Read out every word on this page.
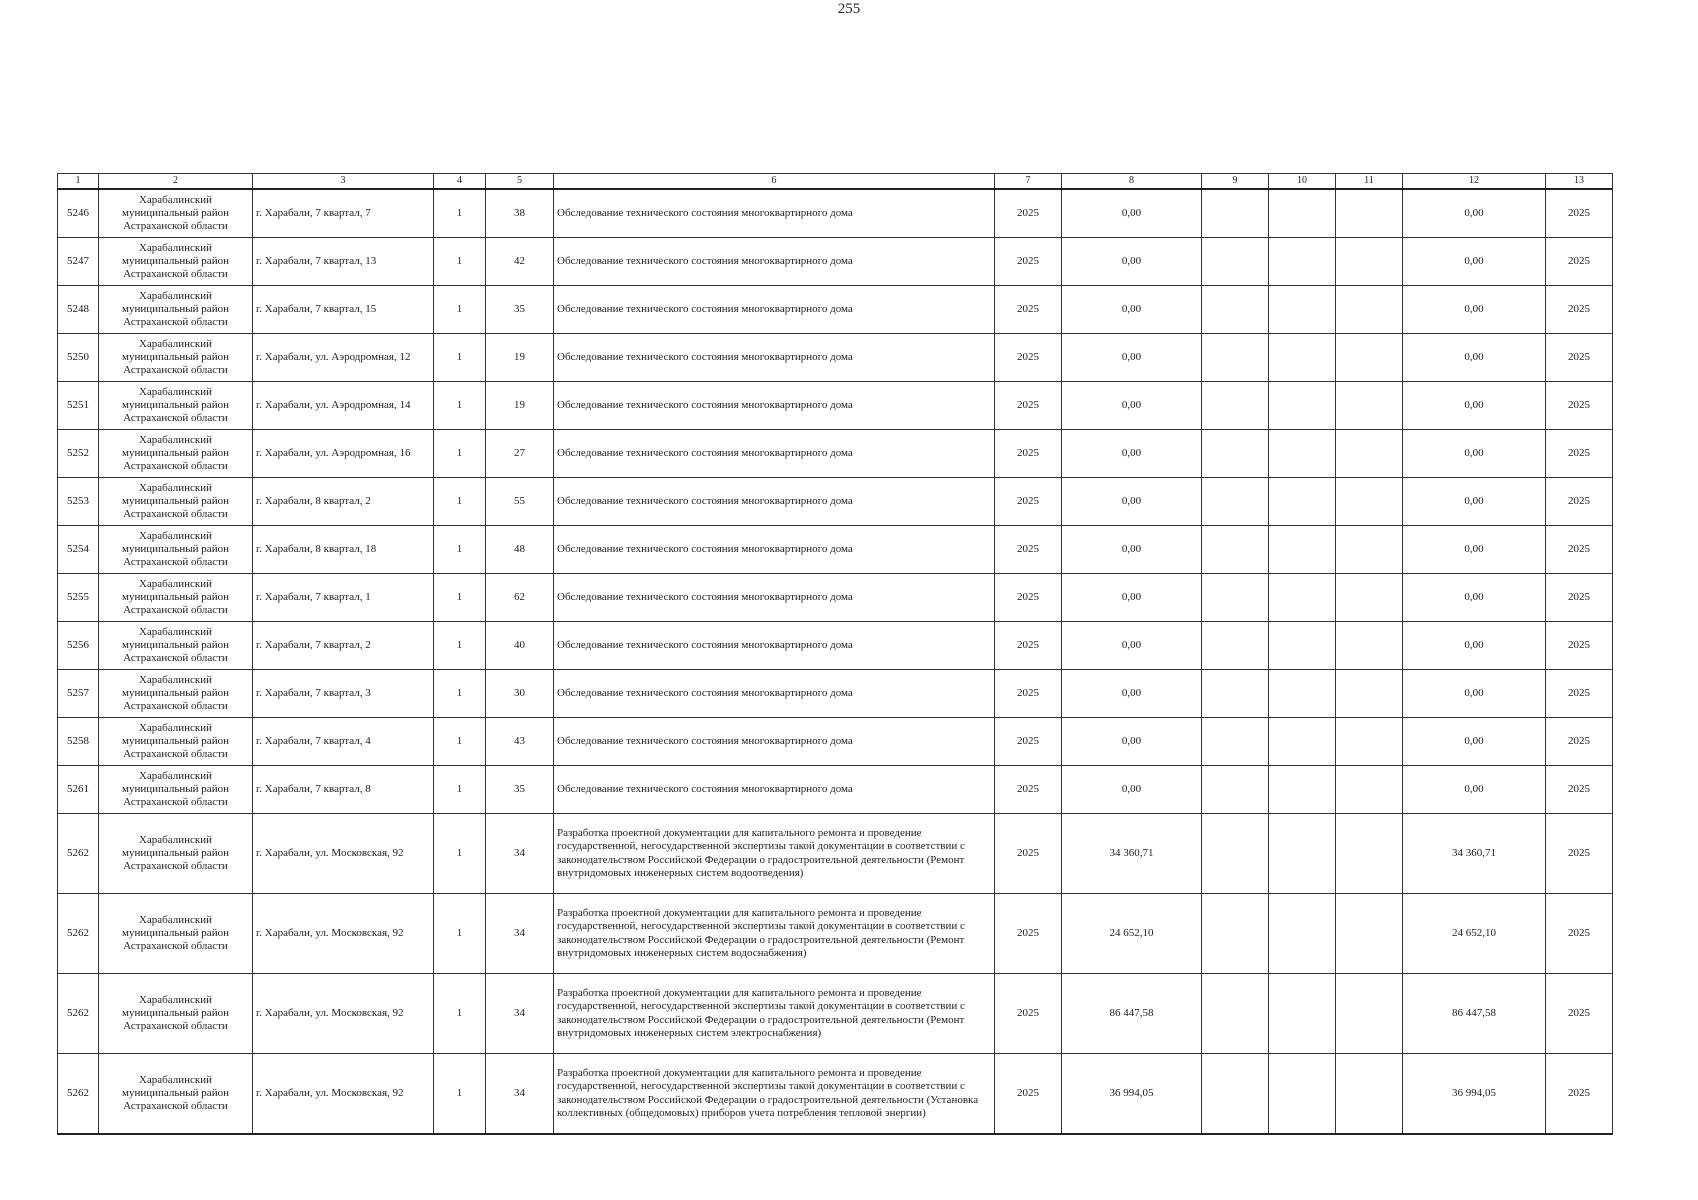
255
1	2	3	4	5	6	7	8	9	10	11	12	13
5246	Харабалинский муниципальный район Астраханской области	г. Харабали, 7 квартал, 7	1	38	Обследование технического состояния многоквартирного дома	2025	0,00				0,00	2025
5247	Харабалинский муниципальный район Астраханской области	г. Харабали, 7 квартал, 13	1	42	Обследование технического состояния многоквартирного дома	2025	0,00				0,00	2025
5248	Харабалинский муниципальный район Астраханской области	г. Харабали, 7 квартал, 15	1	35	Обследование технического состояния многоквартирного дома	2025	0,00				0,00	2025
5250	Харабалинский муниципальный район Астраханской области	г. Харабали, ул. Аэродромная, 12	1	19	Обследование технического состояния многоквартирного дома	2025	0,00				0,00	2025
5251	Харабалинский муниципальный район Астраханской области	г. Харабали, ул. Аэродромная, 14	1	19	Обследование технического состояния многоквартирного дома	2025	0,00				0,00	2025
5252	Харабалинский муниципальный район Астраханской области	г. Харабали, ул. Аэродромная, 16	1	27	Обследование технического состояния многоквартирного дома	2025	0,00				0,00	2025
5253	Харабалинский муниципальный район Астраханской области	г. Харабали, 8 квартал, 2	1	55	Обследование технического состояния многоквартирного дома	2025	0,00				0,00	2025
5254	Харабалинский муниципальный район Астраханской области	г. Харабали, 8 квартал, 18	1	48	Обследование технического состояния многоквартирного дома	2025	0,00				0,00	2025
5255	Харабалинский муниципальный район Астраханской области	г. Харабали, 7 квартал, 1	1	62	Обследование технического состояния многоквартирного дома	2025	0,00				0,00	2025
5256	Харабалинский муниципальный район Астраханской области	г. Харабали, 7 квартал, 2	1	40	Обследование технического состояния многоквартирного дома	2025	0,00				0,00	2025
5257	Харабалинский муниципальный район Астраханской области	г. Харабали, 7 квартал, 3	1	30	Обследование технического состояния многоквартирного дома	2025	0,00				0,00	2025
5258	Харабалинский муниципальный район Астраханской области	г. Харабали, 7 квартал, 4	1	43	Обследование технического состояния многоквартирного дома	2025	0,00				0,00	2025
5261	Харабалинский муниципальный район Астраханской области	г. Харабали, 7 квартал, 8	1	35	Обследование технического состояния многоквартирного дома	2025	0,00				0,00	2025
5262	Харабалинский муниципальный район Астраханской области	г. Харабали, ул. Московская, 92	1	34	Разработка проектной документации для капитального ремонта и проведение государственной, негосударственной экспертизы такой документации в соответствии с законодательством Российской Федерации о градостроительной деятельности (Ремонт внутридомовых инженерных систем водоотведения)	2025	34 360,71				34 360,71	2025
5262	Харабалинский муниципальный район Астраханской области	г. Харабали, ул. Московская, 92	1	34	Разработка проектной документации для капитального ремонта и проведение государственной, негосударственной экспертизы такой документации в соответствии с законодательством Российской Федерации о градостроительной деятельности (Ремонт внутридомовых инженерных систем водоснабжения)	2025	24 652,10				24 652,10	2025
5262	Харабалинский муниципальный район Астраханской области	г. Харабали, ул. Московская, 92	1	34	Разработка проектной документации для капитального ремонта и проведение государственной, негосударственной экспертизы такой документации в соответствии с законодательством Российской Федерации о градостроительной деятельности (Ремонт внутридомовых инженерных систем электроснабжения)	2025	86 447,58				86 447,58	2025
5262	Харабалинский муниципальный район Астраханской области	г. Харабали, ул. Московская, 92	1	34	Разработка проектной документации для капитального ремонта и проведение государственной, негосударственной экспертизы такой документации в соответствии с законодательством Российской Федерации о градостроительной деятельности (Установка коллективных (общедомовых) приборов учета потребления тепловой энергии)	2025	36 994,05				36 994,05	2025
